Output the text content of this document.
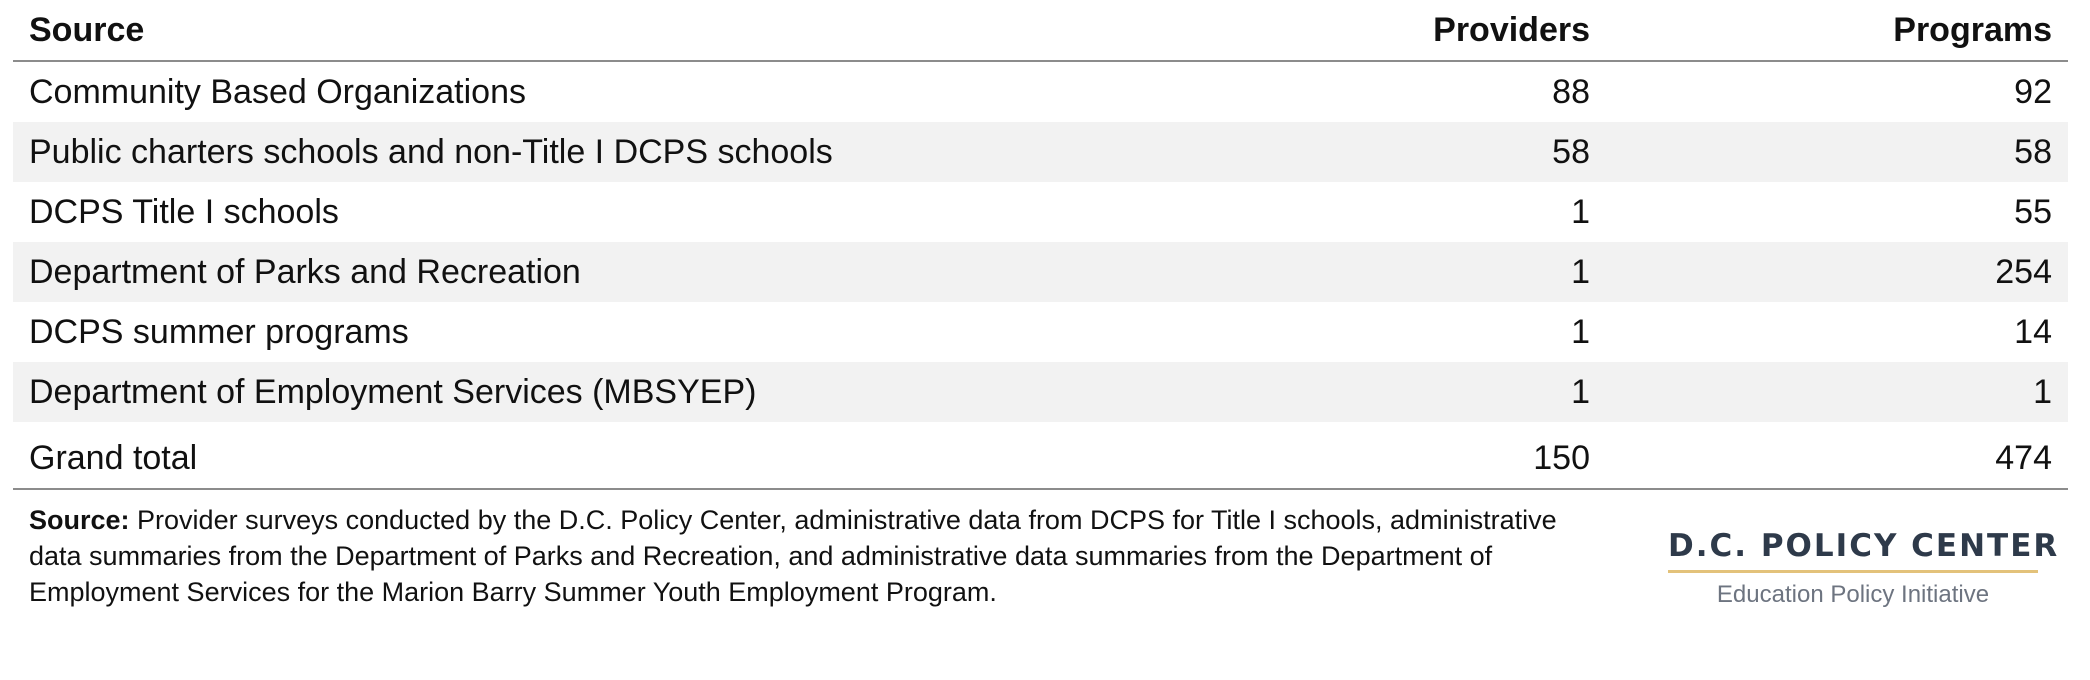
Source	Providers	Programs
Community Based Organizations	88	92
Public charters schools and non-Title I DCPS schools	58	58
DCPS Title I schools	1	55
Department of Parks and Recreation	1	254
DCPS summer programs	1	14
Department of Employment Services (MBSYEP)	1	1

Grand total	150	474
Source: Provider surveys conducted by the D.C. Policy Center, administrative data from DCPS for Title I schools, administrative data summaries from the Department of Parks and Recreation, and administrative data summaries from the Department of Employment Services for the Marion Barry Summer Youth Employment Program.
D.C. POLICY CENTER
Education Policy Initiative
